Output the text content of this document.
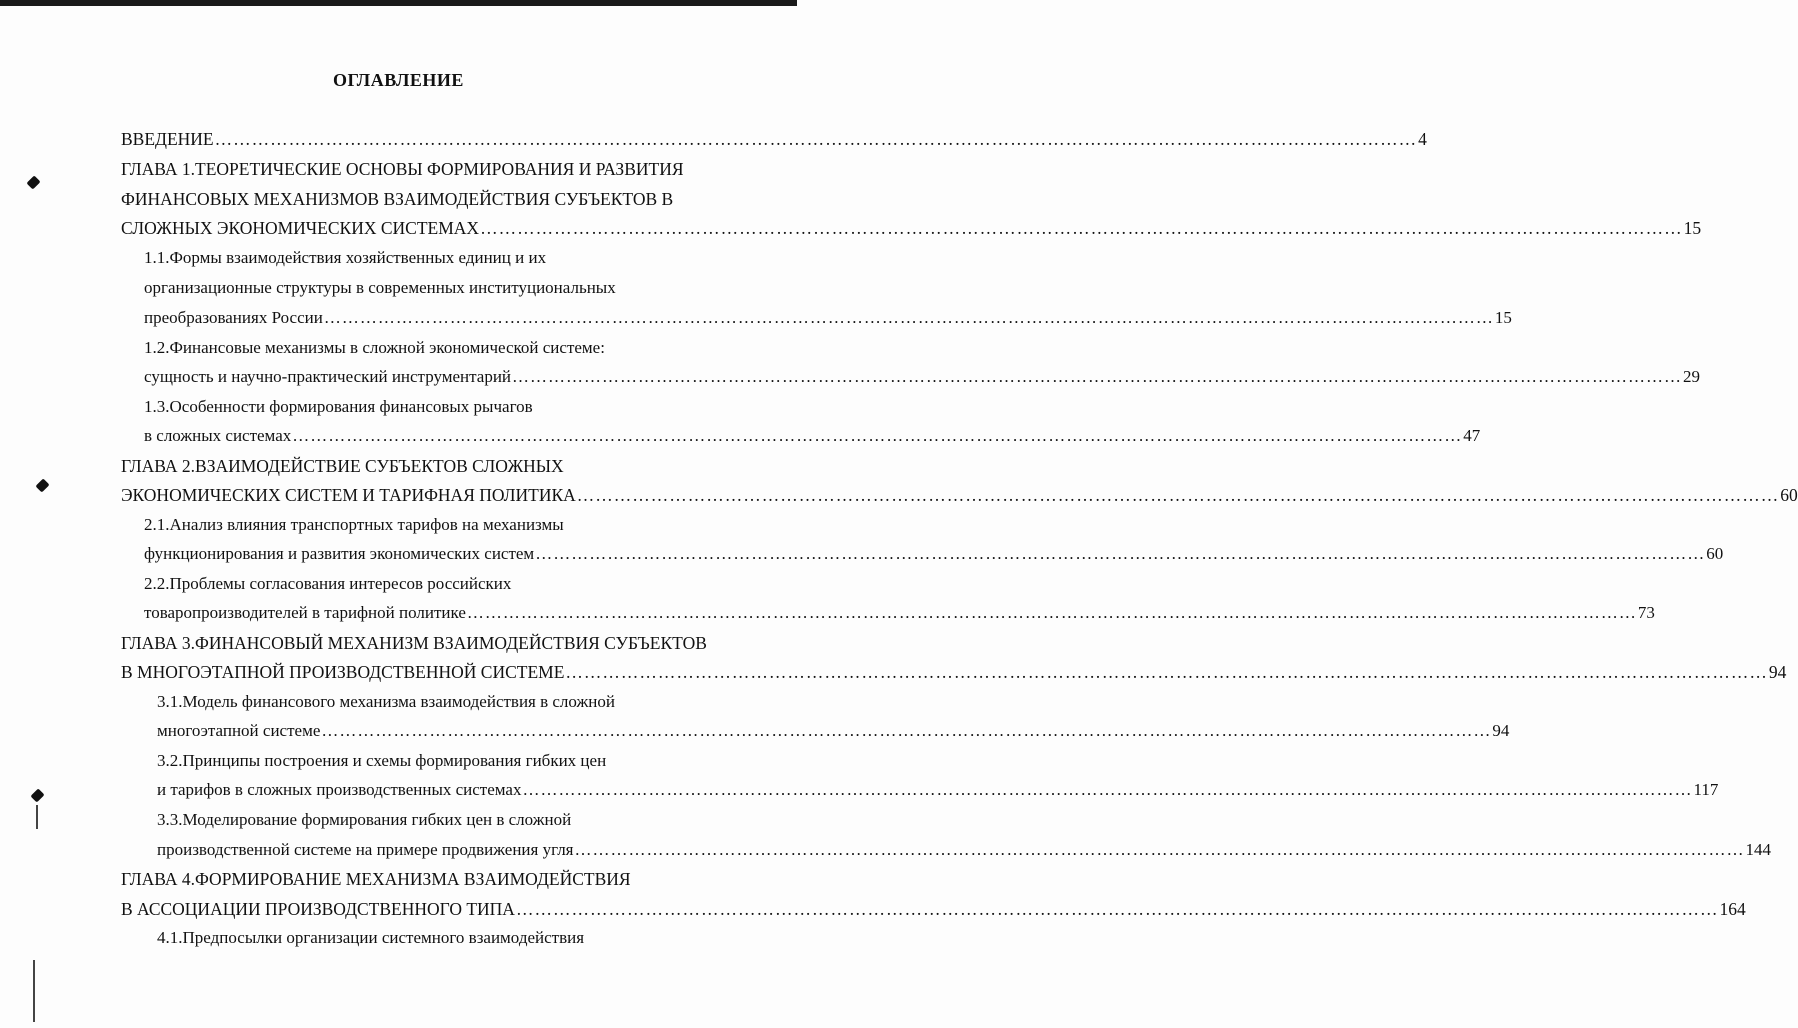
ОГЛАВЛЕНИЕ
ВВЕДЕНИЕ …………………………………………………………………………………………………………………………………………………………………………… 4
ГЛАВА 1.ТЕОРЕТИЧЕСКИЕ ОСНОВЫ ФОРМИРОВАНИЯ И РАЗВИТИЯ
ФИНАНСОВЫХ МЕХАНИЗМОВ ВЗАИМОДЕЙСТВИЯ СУБЪЕКТОВ В
СЛОЖНЫХ ЭКОНОМИЧЕСКИХ СИСТЕМАХ …………………………………………………………………………………………………………………………………………………………………………… 15
1.1.Формы взаимодействия хозяйственных единиц и их
организационные структуры в современных институциональных
преобразованиях России …………………………………………………………………………………………………………………………………………………………………………… 15
1.2.Финансовые механизмы в сложной экономической системе:
сущность и научно-практический инструментарий …………………………………………………………………………………………………………………………………………………………………………… 29
1.3.Особенности формирования финансовых рычагов
в сложных системах …………………………………………………………………………………………………………………………………………………………………………… 47
ГЛАВА 2.ВЗАИМОДЕЙСТВИЕ СУБЪЕКТОВ СЛОЖНЫХ
ЭКОНОМИЧЕСКИХ СИСТЕМ И ТАРИФНАЯ ПОЛИТИКА …………………………………………………………………………………………………………………………………………………………………………… 60
2.1.Анализ влияния транспортных тарифов на механизмы
функционирования и развития экономических систем …………………………………………………………………………………………………………………………………………………………………………… 60
2.2.Проблемы согласования интересов российских
товаропроизводителей в тарифной политике …………………………………………………………………………………………………………………………………………………………………………… 73
ГЛАВА 3.ФИНАНСОВЫЙ МЕХАНИЗМ ВЗАИМОДЕЙСТВИЯ СУБЪЕКТОВ
В МНОГОЭТАПНОЙ ПРОИЗВОДСТВЕННОЙ СИСТЕМЕ …………………………………………………………………………………………………………………………………………………………………………… 94
3.1.Модель финансового механизма взаимодействия в сложной
многоэтапной системе …………………………………………………………………………………………………………………………………………………………………………… 94
3.2.Принципы построения и схемы формирования гибких цен
и тарифов в сложных производственных системах …………………………………………………………………………………………………………………………………………………………………………… 117
3.3.Моделирование формирования гибких цен в сложной
производственной системе на примере продвижения угля …………………………………………………………………………………………………………………………………………………………………………… 144
ГЛАВА 4.ФОРМИРОВАНИЕ МЕХАНИЗМА ВЗАИМОДЕЙСТВИЯ
В АССОЦИАЦИИ ПРОИЗВОДСТВЕННОГО ТИПА …………………………………………………………………………………………………………………………………………………………………………… 164
4.1.Предпосылки организации системного взаимодействия
